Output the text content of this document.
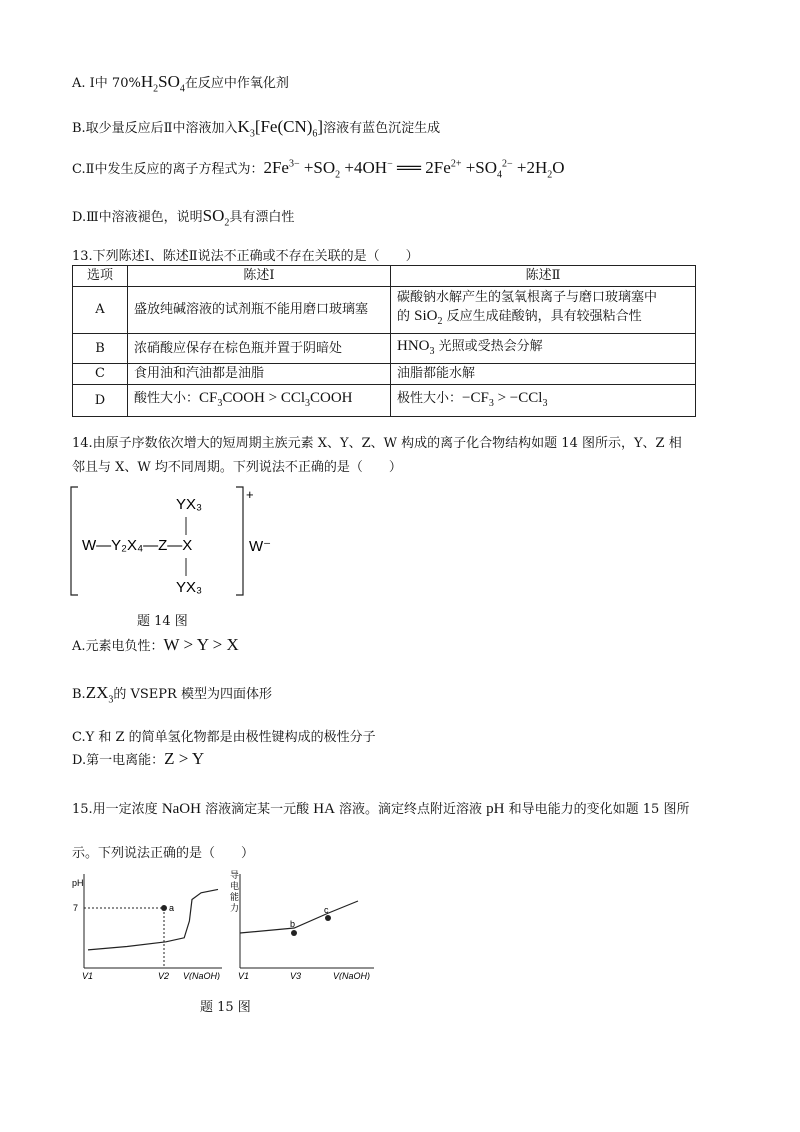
A. Ⅰ中 $70\%H_2SO_4$在反应中作氧化剂
B.取少量反应后Ⅱ中溶液加入$K_3[Fe(CN)_6]$溶液有蓝色沉淀生成
C.Ⅱ中发生反应的离子方程式为：$2Fe^{3-} +SO_2 +4OH^-$ ══ $2Fe^{2+} +SO_4^{2-} +2H_2O$
D.Ⅲ中溶液褪色，说明$SO_2$具有漂白性
13.下列陈述Ⅰ、陈述Ⅱ说法不正确或不存在关联的是（　　）
选项	陈述Ⅰ	陈述Ⅱ
A	盛放纯碱溶液的试剂瓶不能用磨口玻璃塞	碳酸钠水解产生的氢氧根离子与磨口玻璃塞中
的 SiO$_2$ 反应生成硅酸钠，具有较强粘合性
B	浓硝酸应保存在棕色瓶并置于阴暗处	$HNO_3$ 光照或受热会分解
C	食用油和汽油都是油脂	油脂都能水解
D	酸性大小：$CF_3COOH$ > CCl$_3$COOH	极性大小：$-CF_3 > -CCl_3$
14.由原子序数依次增大的短周期主族元素 X、Y、Z、W 构成的离子化合物结构如题 14 图所示，Y、Z 相
邻且与 X、W 均不同周期。下列说法不正确的是（　　）
YX₃
W—Y₂X₄—Z—X
YX₃
+
W⁻
题 14 图
A.元素电负性：W > Y > X
$B.ZX_3$的 VSEPR 模型为四面体形
C.Y 和 Z 的简单氢化物都是由极性键构成的极性分子
D.第一电离能：Z > Y
15.用一定浓度 NaOH 溶液滴定某一元酸 HA 溶液。滴定终点附近溶液 pH 和导电能力的变化如题 15 图所
示。下列说法正确的是（　　）
pH
V(NaOH)
V1	V2
7	a
导电能力
V(NaOH)
V1	V3
b
c
题 15 图
